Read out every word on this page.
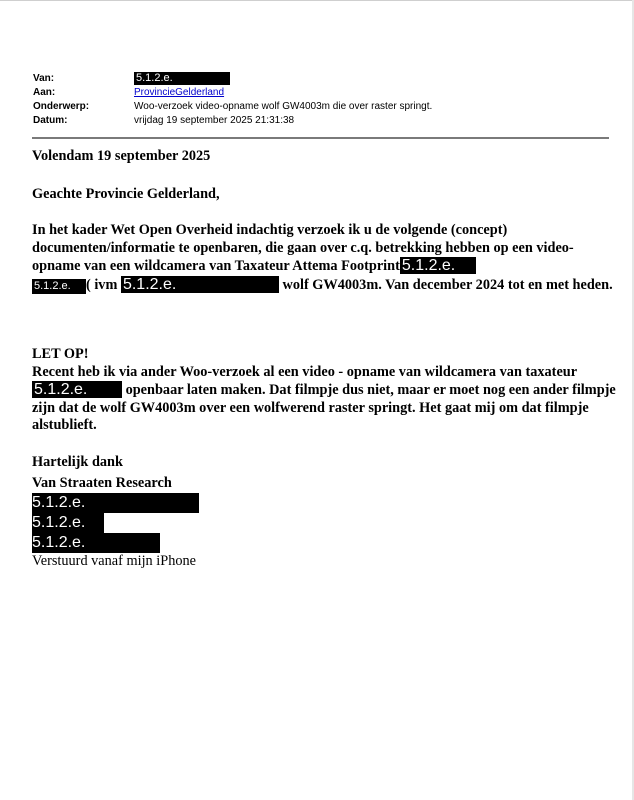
Van:	5.1.2.e.
Aan:	ProvincieGelderland
Onderwerp:	Woo-verzoek video-opname wolf GW4003m die over raster springt.
Datum:	vrijdag 19 september 2025 21:31:38

Volendam 19 september 2025

Geachte Provincie Gelderland,

In het kader Wet Open Overheid indachtig verzoek ik u de volgende (concept) documenten/informatie te openbaren, die gaan over c.q. betrekking hebben op een video-opname van een wildcamera van Taxateur Attema Footprint 5.1.2.e.
5.1.2.e. ( ivm 5.1.2.e.	wolf GW4003m. Van december 2024 tot en met heden.

LET OP!

Recent heb ik via ander Woo-verzoek al een video - opname van wildcamera van taxateur5.1.2.e.	openbaar laten maken. Dat filmpje dus niet, maar er moet nog een ander filmpje zijn dat de wolf GW4003m over een wolfwerend raster springt. Het gaat mij om dat filmpje alstublieft.

Hartelijk dank

Van Straaten Research

5.1.2.e.
5.1.2.e.
5.1.2.e.

Verstuurd vanaf mijn iPhone
